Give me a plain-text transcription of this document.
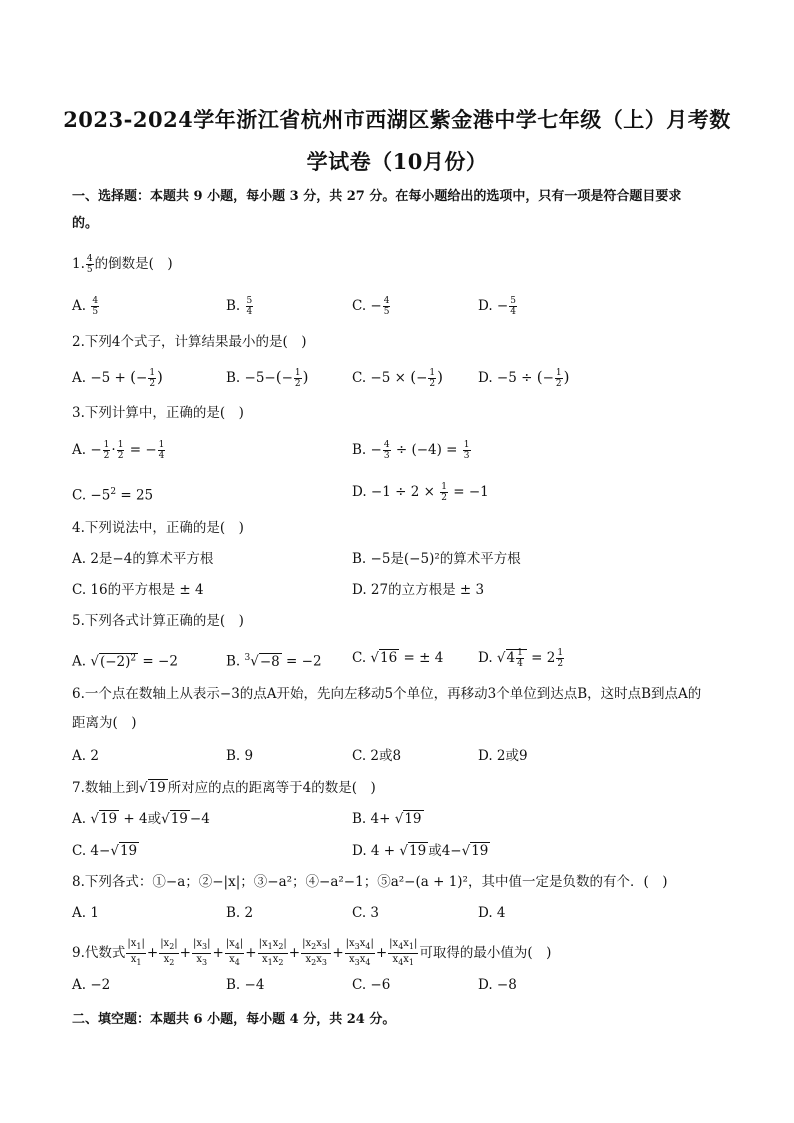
2023-2024学年浙江省杭州市西湖区紫金港中学七年级（上）月考数
学试卷（10月份）
一、选择题：本题共 9 小题，每小题 3 分，共 27 分。在每小题给出的选项中，只有一项是符合题目要求
的。
1. $\frac{4}{5}$ 的倒数是(　)
A. $\frac{4}{5}$	B. $\frac{5}{4}$	C. − $\frac{4}{5}$	D. − $\frac{5}{4}$
2.下列4个式子，计算结果最小的是(　)
A. −5 + (− $\frac{1}{2}$ )	B. $-5-(- \frac{1}{2}$ )	C. −5 × (− $\frac{1}{2}$ )	D. −5 ÷ (− $\frac{1}{2}$ )
3.下列计算中，正确的是(　)
A. − $\frac{1}{2} \cdot \frac{1}{2}$ = − $\frac{1}{4}$	B. − $\frac{4}{3} \div (-4) = \frac{1}{3}$
C. $-5^2 = 25$	D. $-1 \div 2 \times \frac{1}{2} = -1$
4.下列说法中，正确的是(　)
A. 2是−4的算术平方根	B. −5是(−5)²的算术平方根
C. 16的平方根是 ± 4	D. 27的立方根是 ± 3
5.下列各式计算正确的是(　)
A. $√(-2)^2 = -2$	B. $^3$√−8 = −2 C. √16 = ± 4	D. $√4 \frac{1}{4} = 2 \frac{1}{2}$
6.一个点在数轴上从表示−3的点A开始，先向左移动5个单位，再移动3个单位到达点B，这时点B到点A的
距离为(　)
A. 2	B. 9	C. 2或8	D. 2或9
7.数轴上到√19 所对应的点的距离等于4的数是(　)
A. √19 + 4或√19 −4	B. 4+ √19
C. 4−√19	D. 4 + √19 或4−√19
8.下列各式：①−a；②−|x|；③−a²；④−a²−1；⑤a²−(a + 1)²，其中值一定是负数的有个．(　)
A. 1	B. 2	C. 3	D. 4
9.代数式 $\frac{|x_1|}{x_1} + \frac{|x_2|}{x_2} + \frac{|x_3|}{x_3} + \frac{|x_4|}{x_4} + \frac{|x_1x_2|}{x_1x_2} + \frac{|x_2x_3|}{x_2x_3} + \frac{|x_3x_4|}{x_3x_4} + \frac{|x_4x_1|}{x_4x_1}$ 可取得的最小值为(　)
A. −2	B. −4	C. −6	D. −8
二、填空题：本题共 6 小题，每小题 4 分，共 24 分。
